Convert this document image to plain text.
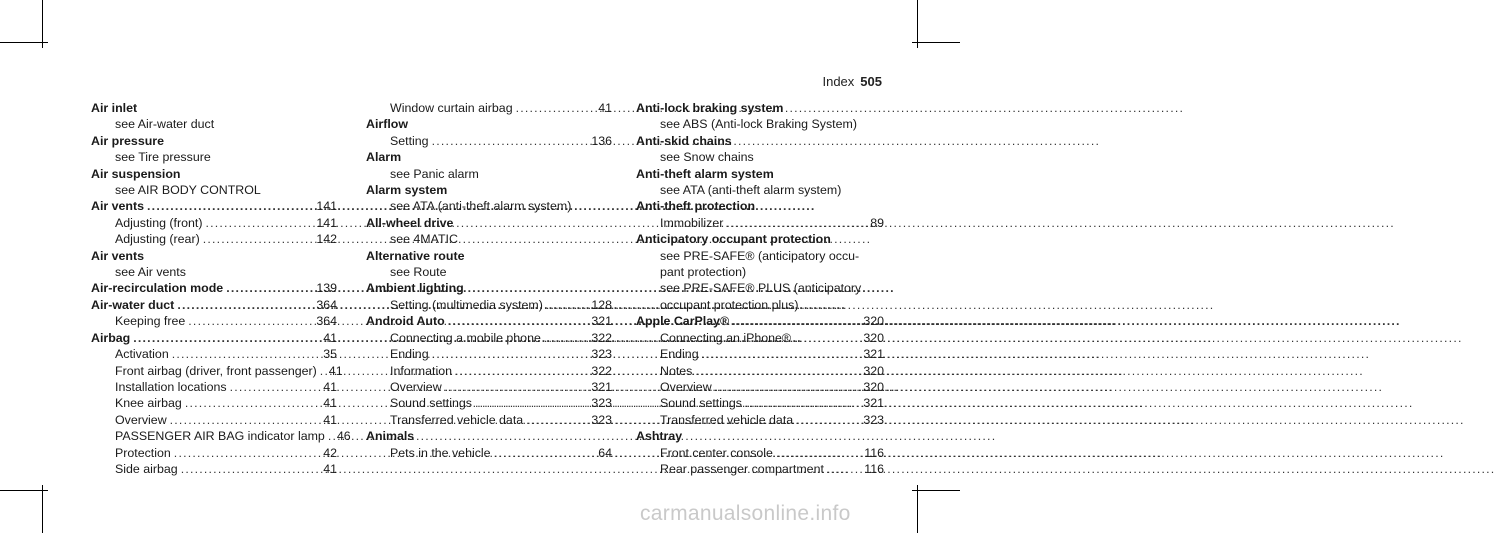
Index 505
Air inlet
see Air-water duct
Air pressure
see Tire pressure
Air suspension
see AIR BODY CONTROL
Air vents .....	141
Adjusting (front) .....	141
Adjusting (rear) .....	142
Air vents
see Air vents
Air-recirculation mode .....	139
Air-water duct .....	364
Keeping free .....	364
Airbag .....	41
Activation .....	35
Front airbag (driver, front passenger) ..... 41
Installation locations .....	41
Knee airbag .....	41
Overview .....	41
PASSENGER AIR BAG indicator lamp ..... 46
Protection .....	42
Side airbag .....	41
Window curtain airbag .....	41
Airflow
Setting .....	136
Alarm
see Panic alarm
Alarm system
see ATA (anti-theft alarm system)
All-wheel drive
see 4MATIC
Alternative route
see Route
Ambient lighting
Setting (multimedia system) .....	128
Android Auto .....	321
Connecting a mobile phone .....	322
Ending .....	323
Information .....	322
Overview .....	321
Sound settings .....	323
Transferred vehicle data .....	323
Animals
Pets in the vehicle .....	64
Anti-lock braking system
see ABS (Anti-lock Braking System)
Anti-skid chains
see Snow chains
Anti-theft alarm system
see ATA (anti-theft alarm system)
Anti-theft protection
Immobilizer .....	89
Anticipatory occupant protection
see PRE-SAFE® (anticipatory occu-
pant protection)
see PRE-SAFE® PLUS (anticipatory
occupant protection plus)
Apple CarPlay® .....	320
Connecting an iPhone® .....	320
Ending .....	321
Notes .....	320
Overview .....	320
Sound settings .....	321
Transferred vehicle data .....	323
Ashtray
Front center console .....	116
Rear passenger compartment .....	116
carmanualsonline.info
